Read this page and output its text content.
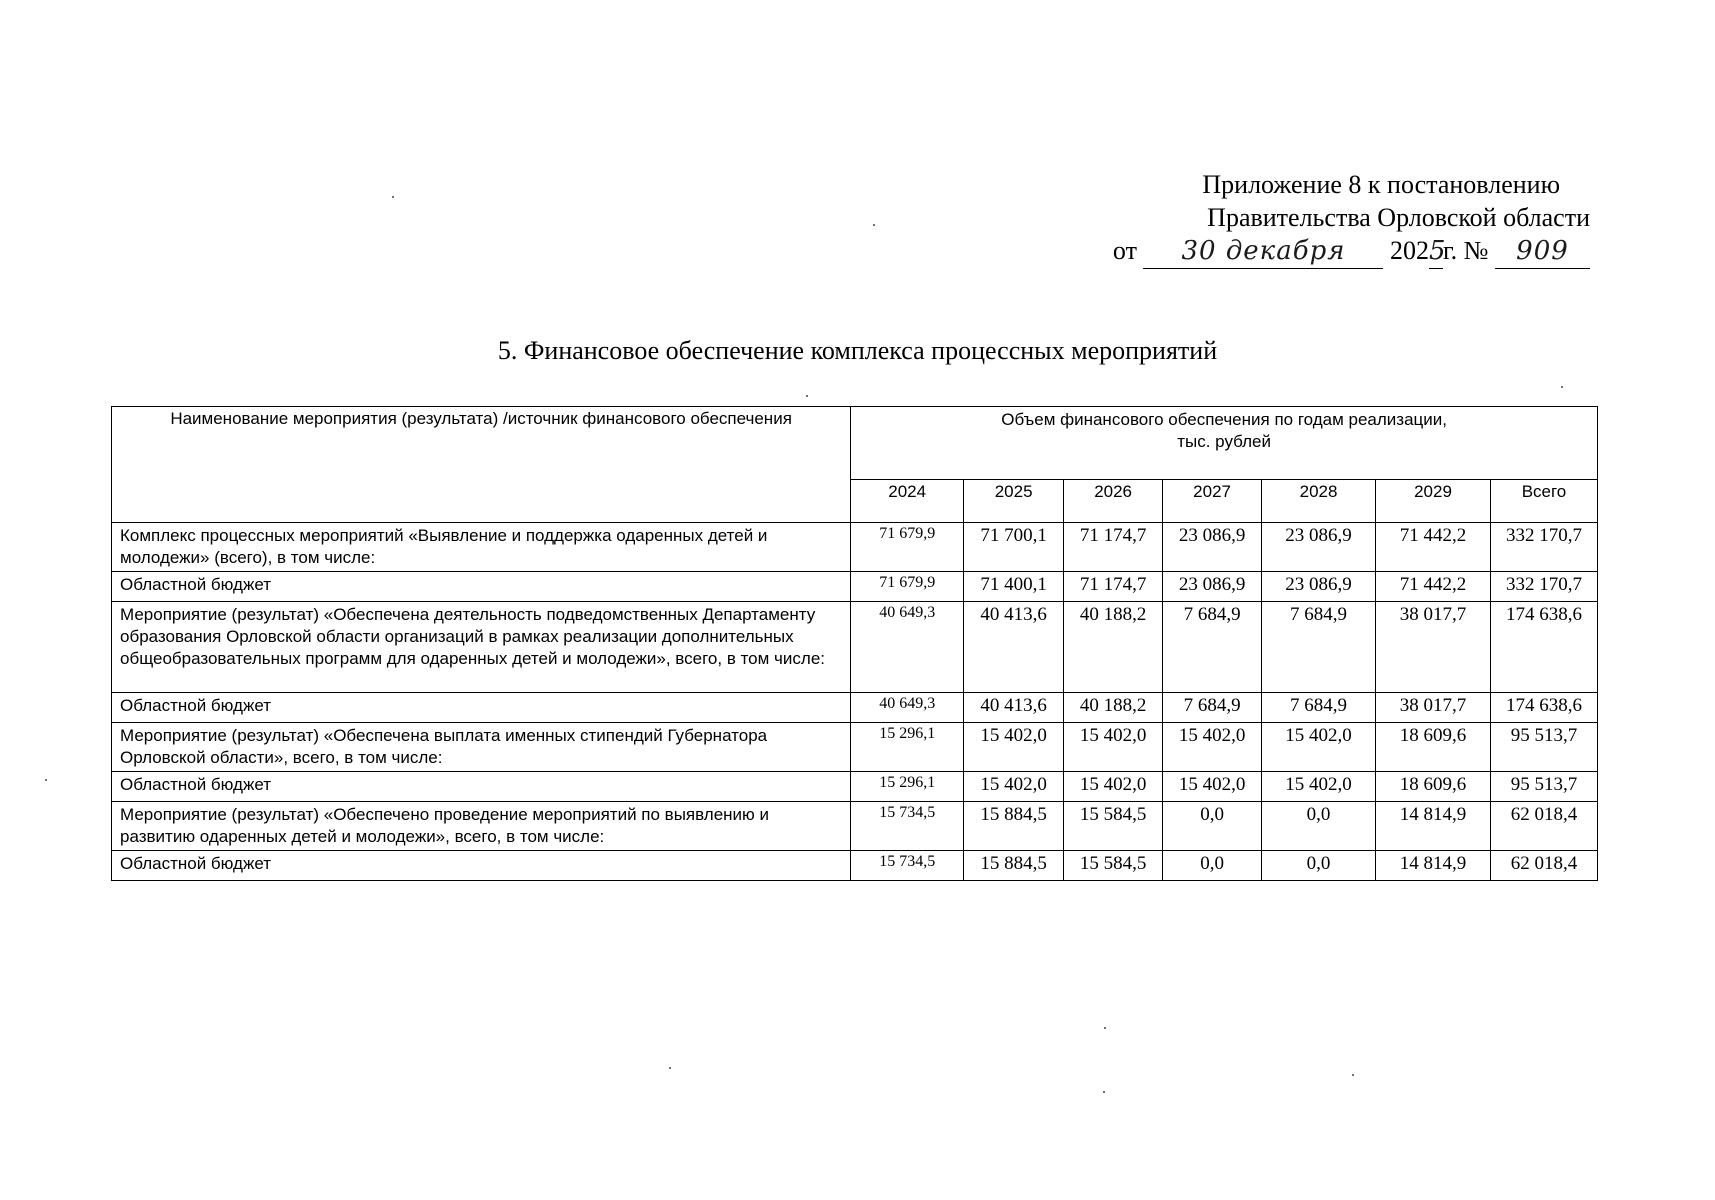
Приложение 8 к постановлению
Правительства Орловской области
от 30 декабря 2025г. № 909
5. Финансовое обеспечение комплекса процессных мероприятий
Наименование мероприятия (результата) /источник финансового обеспечения	Объем финансового обеспечения по годам реализации,
тыс. рублей						

	2024	2025	2026	2027	2028	2029	Всего
Комплекс процессных мероприятий «Выявление и поддержка одаренных детей и молодежи» (всего), в том числе:	71 679,9	71 700,1	71 174,7	23 086,9	23 086,9	71 442,2	332 170,7
Областной бюджет	71 679,9	71 400,1	71 174,7	23 086,9	23 086,9	71 442,2	332 170,7
Мероприятие (результат) «Обеспечена деятельность подведомственных Департаменту образования Орловской области организаций в рамках реализации дополнительных общеобразовательных программ для одаренных детей и молодежи», всего, в том числе:	40 649,3	40 413,6	40 188,2	7 684,9	7 684,9	38 017,7	174 638,6
Областной бюджет	40 649,3	40 413,6	40 188,2	7 684,9	7 684,9	38 017,7	174 638,6
Мероприятие (результат) «Обеспечена выплата именных стипендий Губернатора Орловской области», всего, в том числе:	15 296,1	15 402,0	15 402,0	15 402,0	15 402,0	18 609,6	95 513,7
Областной бюджет	15 296,1	15 402,0	15 402,0	15 402,0	15 402,0	18 609,6	95 513,7
Мероприятие (результат) «Обеспечено проведение мероприятий по выявлению и развитию одаренных детей и молодежи», всего, в том числе:	15 734,5	15 884,5	15 584,5	0,0	0,0	14 814,9	62 018,4
Областной бюджет	15 734,5	15 884,5	15 584,5	0,0	0,0	14 814,9	62 018,4
